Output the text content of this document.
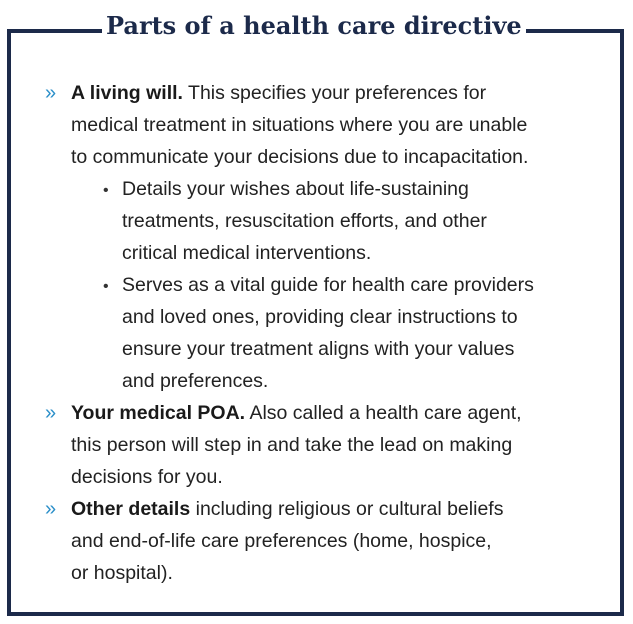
Parts of a health care directive
» A living will. This specifies your preferences for
medical treatment in situations where you are unable
to communicate your decisions due to incapacitation.
• Details your wishes about life-sustaining
treatments, resuscitation efforts, and other
critical medical interventions.
• Serves as a vital guide for health care providers
and loved ones, providing clear instructions to
ensure your treatment aligns with your values
and preferences.
» Your medical POA. Also called a health care agent,
this person will step in and take the lead on making
decisions for you.
» Other details including religious or cultural beliefs
and end-of-life care preferences (home, hospice,
or hospital).
